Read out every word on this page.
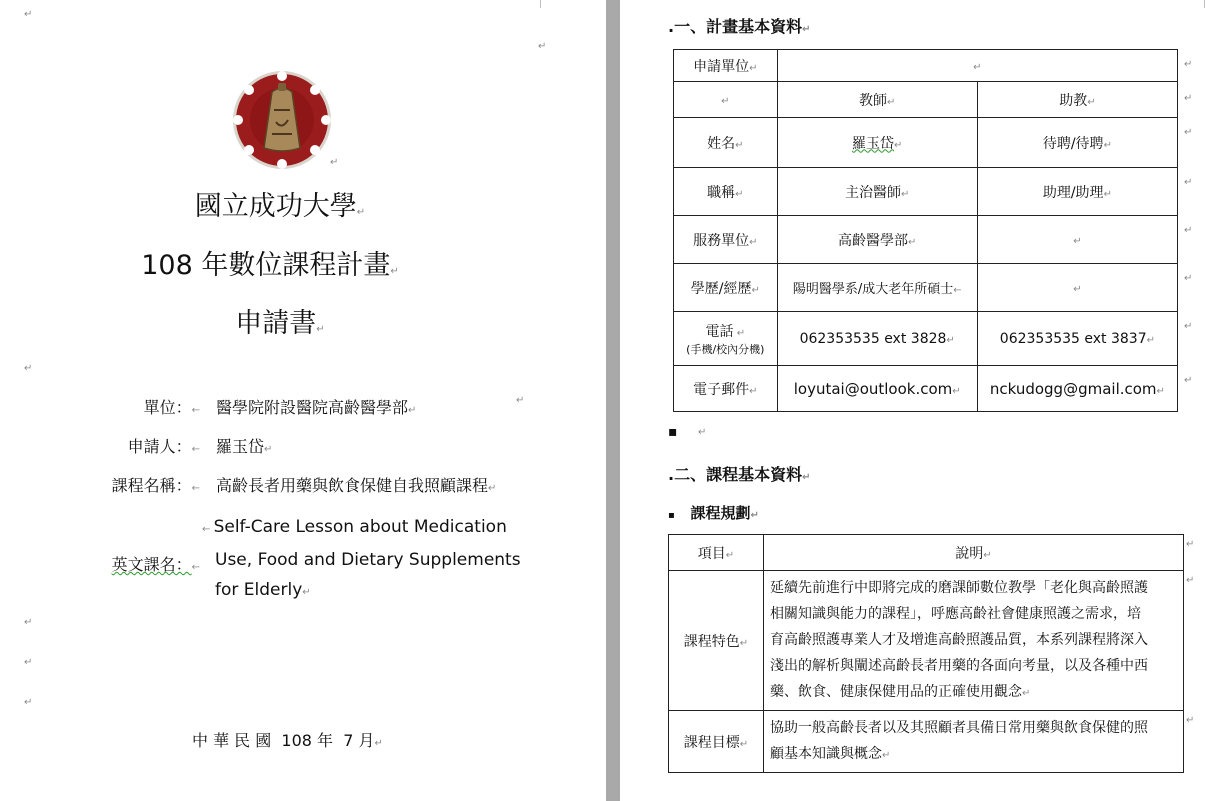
↵
↵
↵
國立成功大學↵
108 年數位課程計畫↵
申請書↵
↵
單位：← 醫學院附設醫院高齡醫學部↵
↵
申請人：← 羅玉岱↵
課程名稱：← 高齡長者用藥與飲食保健自我照顧課程↵
英文課名：←
← Self-Care Lesson about Medication
Use, Food and Dietary Supplements
for Elderly↵
↵
↵
↵
中 華 民 國  108 年  7 月↵
.一、計畫基本資料↵
申請單位↵	↵	
↵	教師↵	助教↵
姓名↵	羅玉岱↵	待聘/待聘↵
職稱↵	主治醫師↵	助理/助理↵
服務單位↵	高齡醫學部↵	↵
學歷/經歷↵	陽明醫學系/成大老年所碩士←	↵

電話 ↵
(手機/校內分機)	062353535 ext 3828↵	062353535 ext 3837↵
電子郵件↵	loyutai@outlook.com↵	nckudogg@gmail.com↵
↵
↵
↵
↵
↵
↵
↵
↵
▪ ↵
.二、課程基本資料↵
▪ 課程規劃↵
項目↵	說明↵
課程特色↵	延續先前進行中即將完成的磨課師數位教學「老化與高齡照護
相關知識與能力的課程」，呼應高齡社會健康照護之需求，培
育高齡照護專業人才及增進高齡照護品質，本系列課程將深入
淺出的解析與闡述高齡長者用藥的各面向考量，以及各種中西
藥、飲食、健康保健用品的正確使用觀念↵

課程目標↵	協助一般高齡長者以及其照顧者具備日常用藥與飲食保健的照
顧基本知識與概念↵
↵
↵
↵
